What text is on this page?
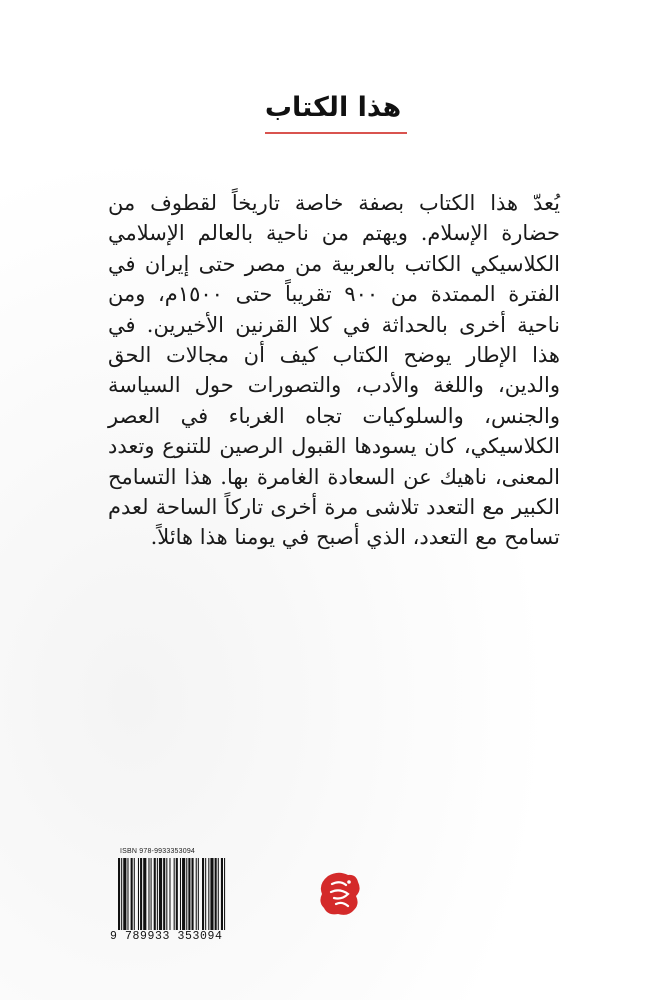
هذا الكتاب
يُعدّ هذا الكتاب بصفة خاصة تاريخاً لقطوف من حضارة الإسلام. ويهتم من ناحية بالعالم الإسلامي الكلاسيكي الكاتب بالعربية من مصر حتى إيران في الفترة الممتدة من ٩٠٠ تقريباً حتى ١٥٠٠م، ومن ناحية أخرى بالحداثة في كلا القرنين الأخيرين. في هذا الإطار يوضح الكتاب كيف أن مجالات الحق والدين، واللغة والأدب، والتصورات حول السياسة والجنس، والسلوكيات تجاه الغرباء في العصر الكلاسيكي، كان يسودها القبول الرصين للتنوع وتعدد المعنى، ناهيك عن السعادة الغامرة بها. هذا التسامح الكبير مع التعدد تلاشى مرة أخرى تاركاً الساحة لعدم تسامح مع التعدد، الذي أصبح في يومنا هذا هائلاً.
ISBN 978-9933353094
9 789933 353094
